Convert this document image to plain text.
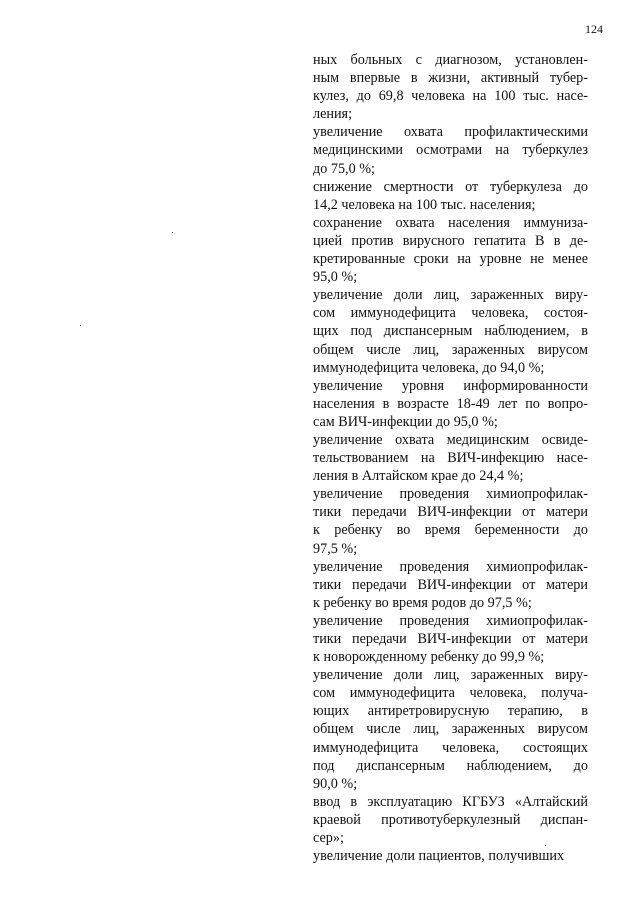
124
ных больных с диагнозом, установлен-
ным впервые в жизни, активный тубер-
кулез, до 69,8 человека на 100 тыс. насе-
ления;
увеличение охвата профилактическими
медицинскими осмотрами на туберкулез
до 75,0 %;
снижение смертности от туберкулеза до
14,2 человека на 100 тыс. населения;
сохранение охвата населения иммуниза-
цией против вирусного гепатита В в де-
кретированные сроки на уровне не менее
95,0 %;
увеличение доли лиц, зараженных виру-
сом иммунодефицита человека, состоя-
щих под диспансерным наблюдением, в
общем числе лиц, зараженных вирусом
иммунодефицита человека, до 94,0 %;
увеличение уровня информированности
населения в возрасте 18-49 лет по вопро-
сам ВИЧ-инфекции до 95,0 %;
увеличение охвата медицинским освиде-
тельствованием на ВИЧ-инфекцию насе-
ления в Алтайском крае до 24,4 %;
увеличение проведения химиопрофилак-
тики передачи ВИЧ-инфекции от матери
к ребенку во время беременности до
97,5 %;
увеличение проведения химиопрофилак-
тики передачи ВИЧ-инфекции от матери
к ребенку во время родов до 97,5 %;
увеличение проведения химиопрофилак-
тики передачи ВИЧ-инфекции от матери
к новорожденному ребенку до 99,9 %;
увеличение доли лиц, зараженных виру-
сом иммунодефицита человека, получа-
ющих антиретровирусную терапию, в
общем числе лиц, зараженных вирусом
иммунодефицита человека, состоящих
под диспансерным наблюдением, до
90,0 %;
ввод в эксплуатацию КГБУЗ «Алтайский
краевой противотуберкулезный диспан-
сер»;
увеличение доли пациентов, получивших
